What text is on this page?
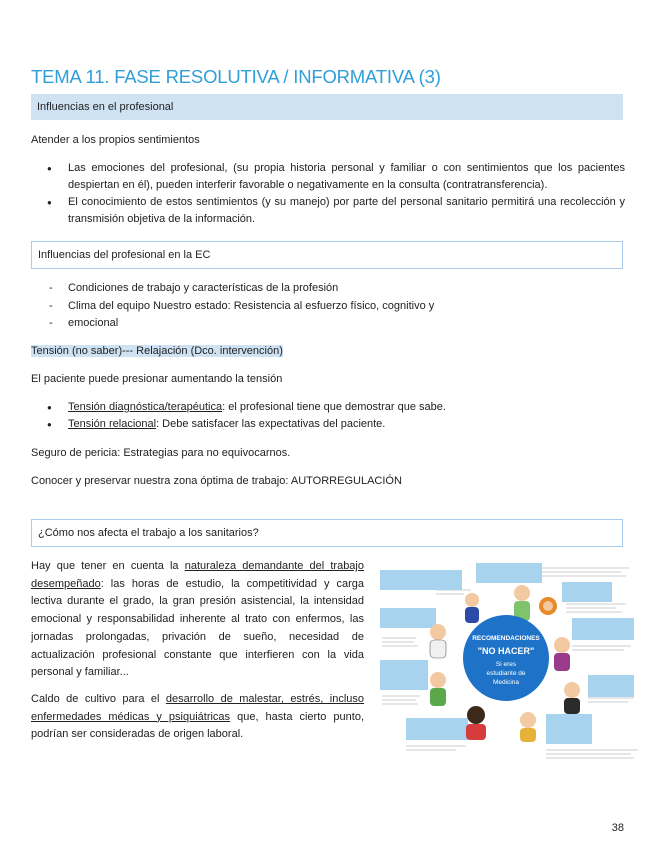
TEMA 11. FASE RESOLUTIVA / INFORMATIVA (3)
Influencias en el profesional
Atender a los propios sentimientos
● Las emociones del profesional, (su propia historia personal y familiar o con sentimientos que los pacientes despiertan en él), pueden interferir favorable o negativamente en la consulta (contratransferencia).
● El conocimiento de estos sentimientos (y su manejo) por parte del personal sanitario permitirá una recolección y transmisión objetiva de la información.
Influencias del profesional en la EC
- Condiciones de trabajo y características de la profesión
- Clima del equipo Nuestro estado: Resistencia al esfuerzo físico, cognitivo y
- emocional
Tensión (no saber)--- Relajación (Dco. intervención)
El paciente puede presionar aumentando la tensión
● Tensión diagnóstica/terapéutica: el profesional tiene que demostrar que sabe.
● Tensión relacional: Debe satisfacer las expectativas del paciente.
Seguro de pericia: Estrategias para no equivocarnos.
Conocer y preservar nuestra zona óptima de trabajo: AUTORREGULACIÓN
¿Cómo nos afecta el trabajo a los sanitarios?

Hay que tener en cuenta la naturaleza demandante del trabajo desempeñado: las horas de estudio, la competitividad y carga lectiva durante el grado, la gran presión asistencial, la intensidad emocional y responsabilidad inherente al trato con enfermos, las jornadas prolongadas, privación de sueño, necesidad de actualización profesional constante que interfieren con la vida personal y familiar...

Caldo de cultivo para el desarrollo de malestar, estrés, incluso enfermedades médicas y psiquiátricas que, hasta cierto punto, podrían ser consideradas de origen laboral.

RECOMENDACIONES
"NO HACER"
Si eres
estudiante de
Medicina
38
